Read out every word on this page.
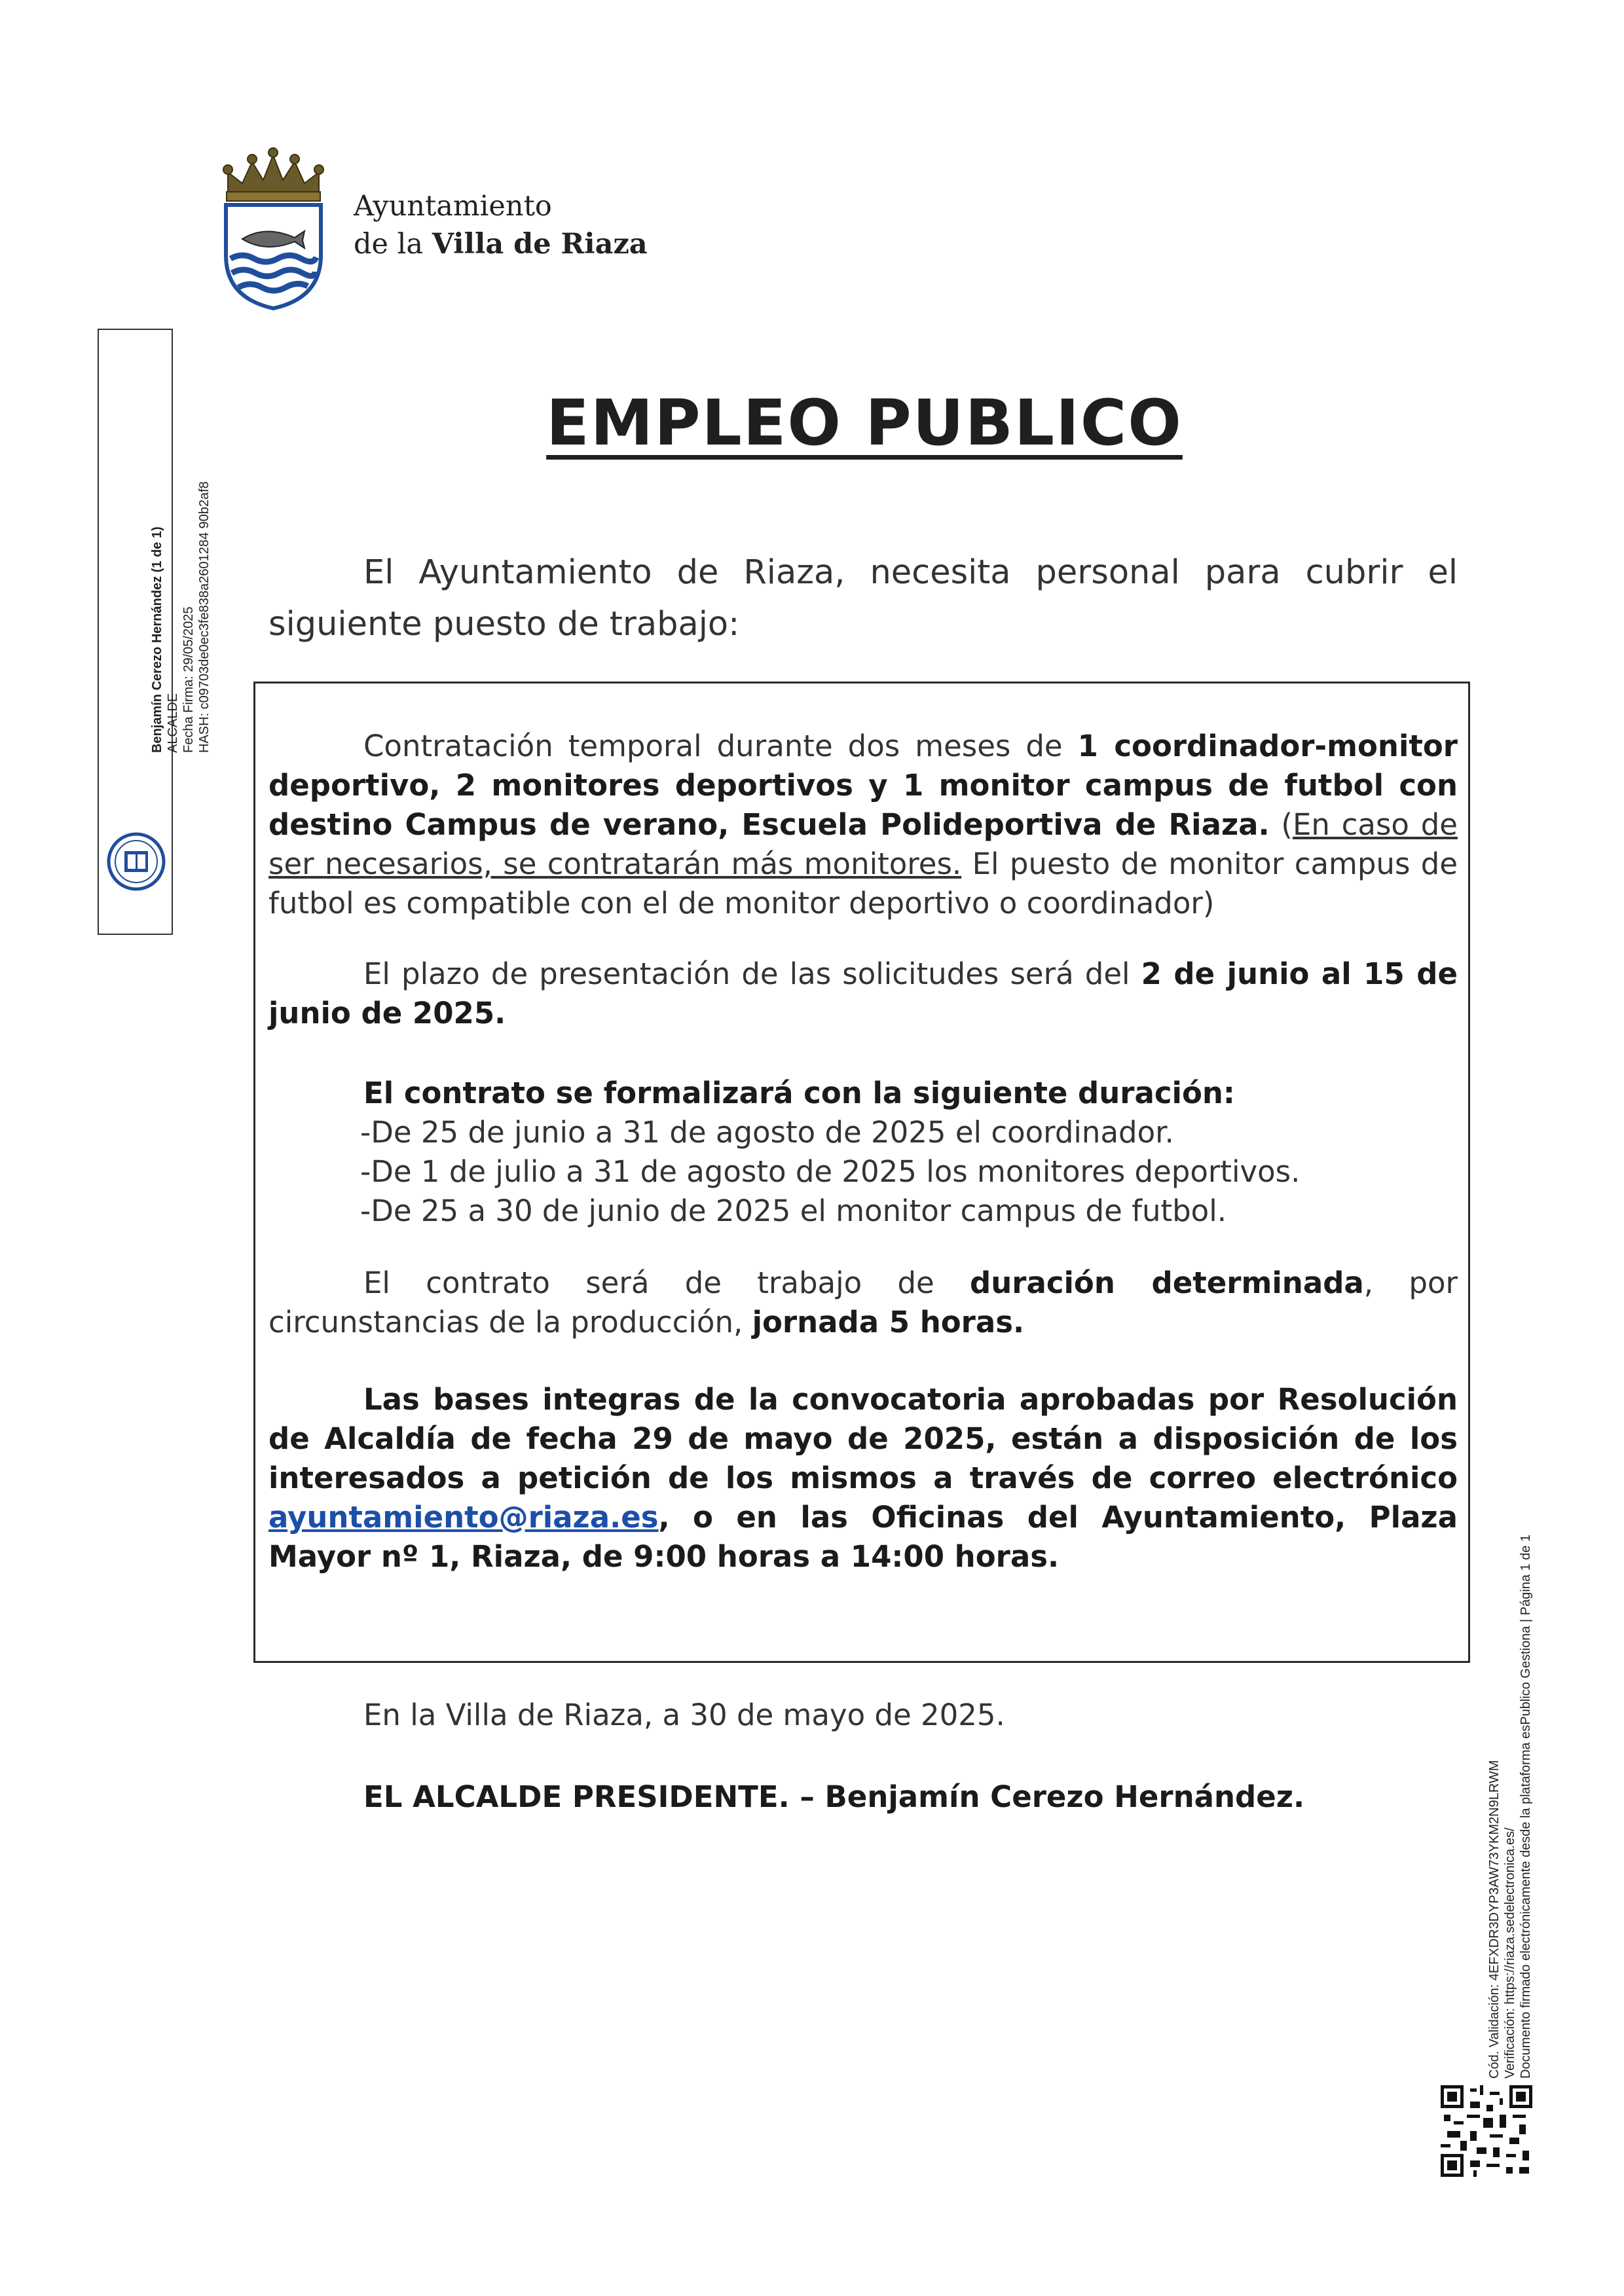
Ayuntamiento
de la Villa de Riaza
Benjamín Cerezo Hernández (1 de 1) ALCALDE Fecha Firma: 29/05/2025 HASH: c09703de0ec3fe838a2601284 90b2af8
EMPLEO PUBLICO
El Ayuntamiento de Riaza, necesita personal para cubrir el siguiente puesto de trabajo:
Contratación temporal durante dos meses de 1 coordinador-monitor deportivo, 2 monitores deportivos y 1 monitor campus de futbol con destino Campus de verano, Escuela Polideportiva de Riaza. (En caso de ser necesarios, se contratarán más monitores. El puesto de monitor campus de futbol es compatible con el de monitor deportivo o coordinador)
El plazo de presentación de las solicitudes será del 2 de junio al 15 de junio de 2025.
El contrato se formalizará con la siguiente duración:
-De 25 de junio a 31 de agosto de 2025 el coordinador.
-De 1 de julio a 31 de agosto de 2025 los monitores deportivos.
-De 25 a 30 de junio de 2025 el monitor campus de futbol.
El contrato será de trabajo de duración determinada, por circunstancias de la producción, jornada 5 horas.
Las bases integras de la convocatoria aprobadas por Resolución de Alcaldía de fecha 29 de mayo de 2025, están a disposición de los interesados a petición de los mismos a través de correo electrónico ayuntamiento@riaza.es, o en las Oficinas del Ayuntamiento, Plaza Mayor nº 1, Riaza, de 9:00 horas a 14:00 horas.
En la Villa de Riaza, a 30 de mayo de 2025.
EL ALCALDE PRESIDENTE. – Benjamín Cerezo Hernández.	Cód. Validación: 4EFXDR3DYP3AW73YKM2N9LRWM Verificación: https://riaza.sedelectronica.es/ Documento firmado electrónicamente desde la plataforma esPublico Gestiona | Página 1 de 1
